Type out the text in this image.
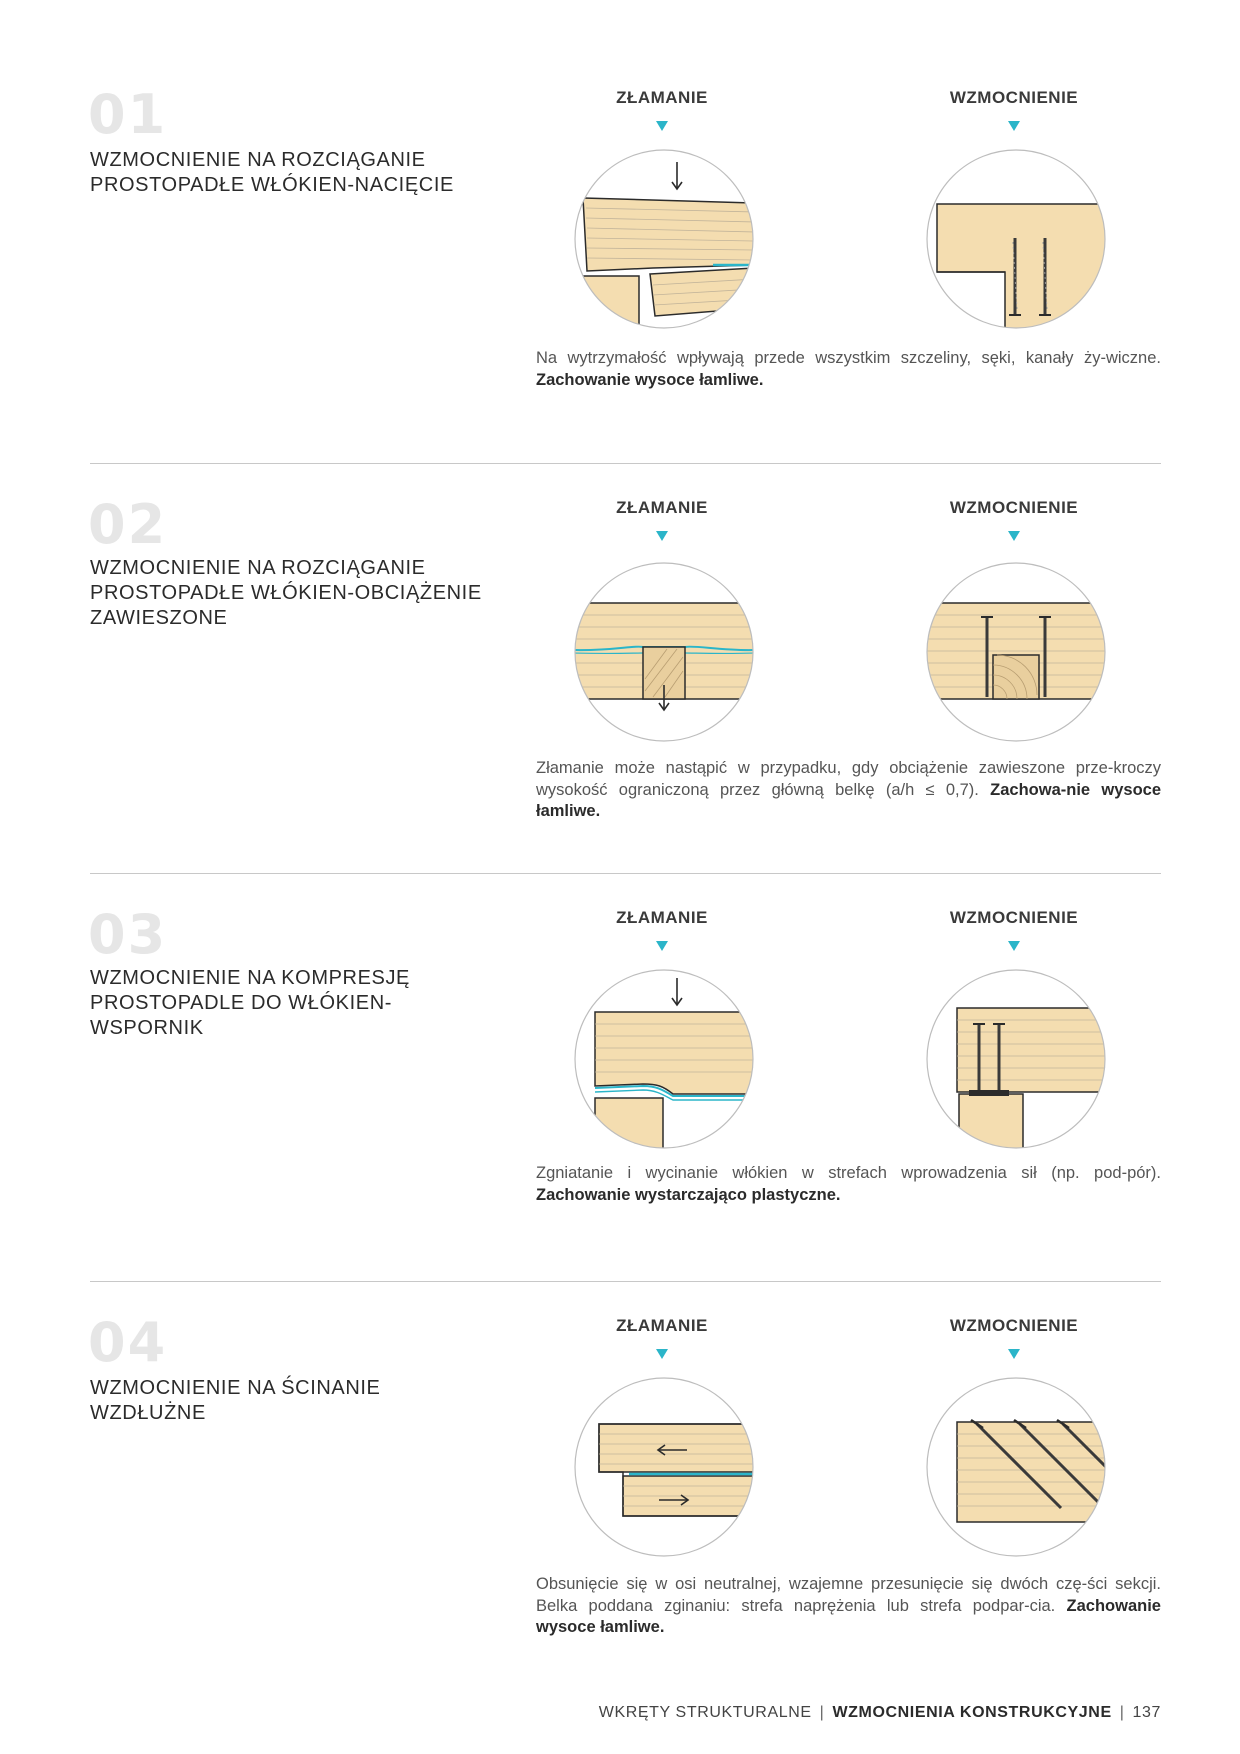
01
WZMOCNIENIE NA ROZCIĄGANIE
PROSTOPADŁE WŁÓKIEN-NACIĘCIE
ZŁAMANIE	WZMOCNIENIE
Na wytrzymałość wpływają przede wszystkim szczeliny, sęki, kanały ży-wiczne. Zachowanie wysoce łamliwe.
02
WZMOCNIENIE NA ROZCIĄGANIE
PROSTOPADŁE WŁÓKIEN-OBCIĄŻENIE
ZAWIESZONE
ZŁAMANIE	WZMOCNIENIE
Złamanie może nastąpić w przypadku, gdy obciążenie zawieszone prze-kroczy wysokość ograniczoną przez główną belkę (a/h ≤ 0,7). Zachowa-nie wysoce łamliwe.
03
WZMOCNIENIE NA KOMPRESJĘ
PROSTOPADLE DO WŁÓKIEN-
WSPORNIK
ZŁAMANIE	WZMOCNIENIE
Zgniatanie i wycinanie włókien w strefach wprowadzenia sił (np. pod-pór). Zachowanie wystarczająco plastyczne.
04
WZMOCNIENIE NA ŚCINANIE
WZDŁUŻNE
ZŁAMANIE	WZMOCNIENIE
Obsunięcie się w osi neutralnej, wzajemne przesunięcie się dwóch czę-ści sekcji. Belka poddana zginaniu: strefa naprężenia lub strefa podpar-cia. Zachowanie wysoce łamliwe.
WKRĘTY STRUKTURALNE | WZMOCNIENIA KONSTRUKCYJNE | 137
